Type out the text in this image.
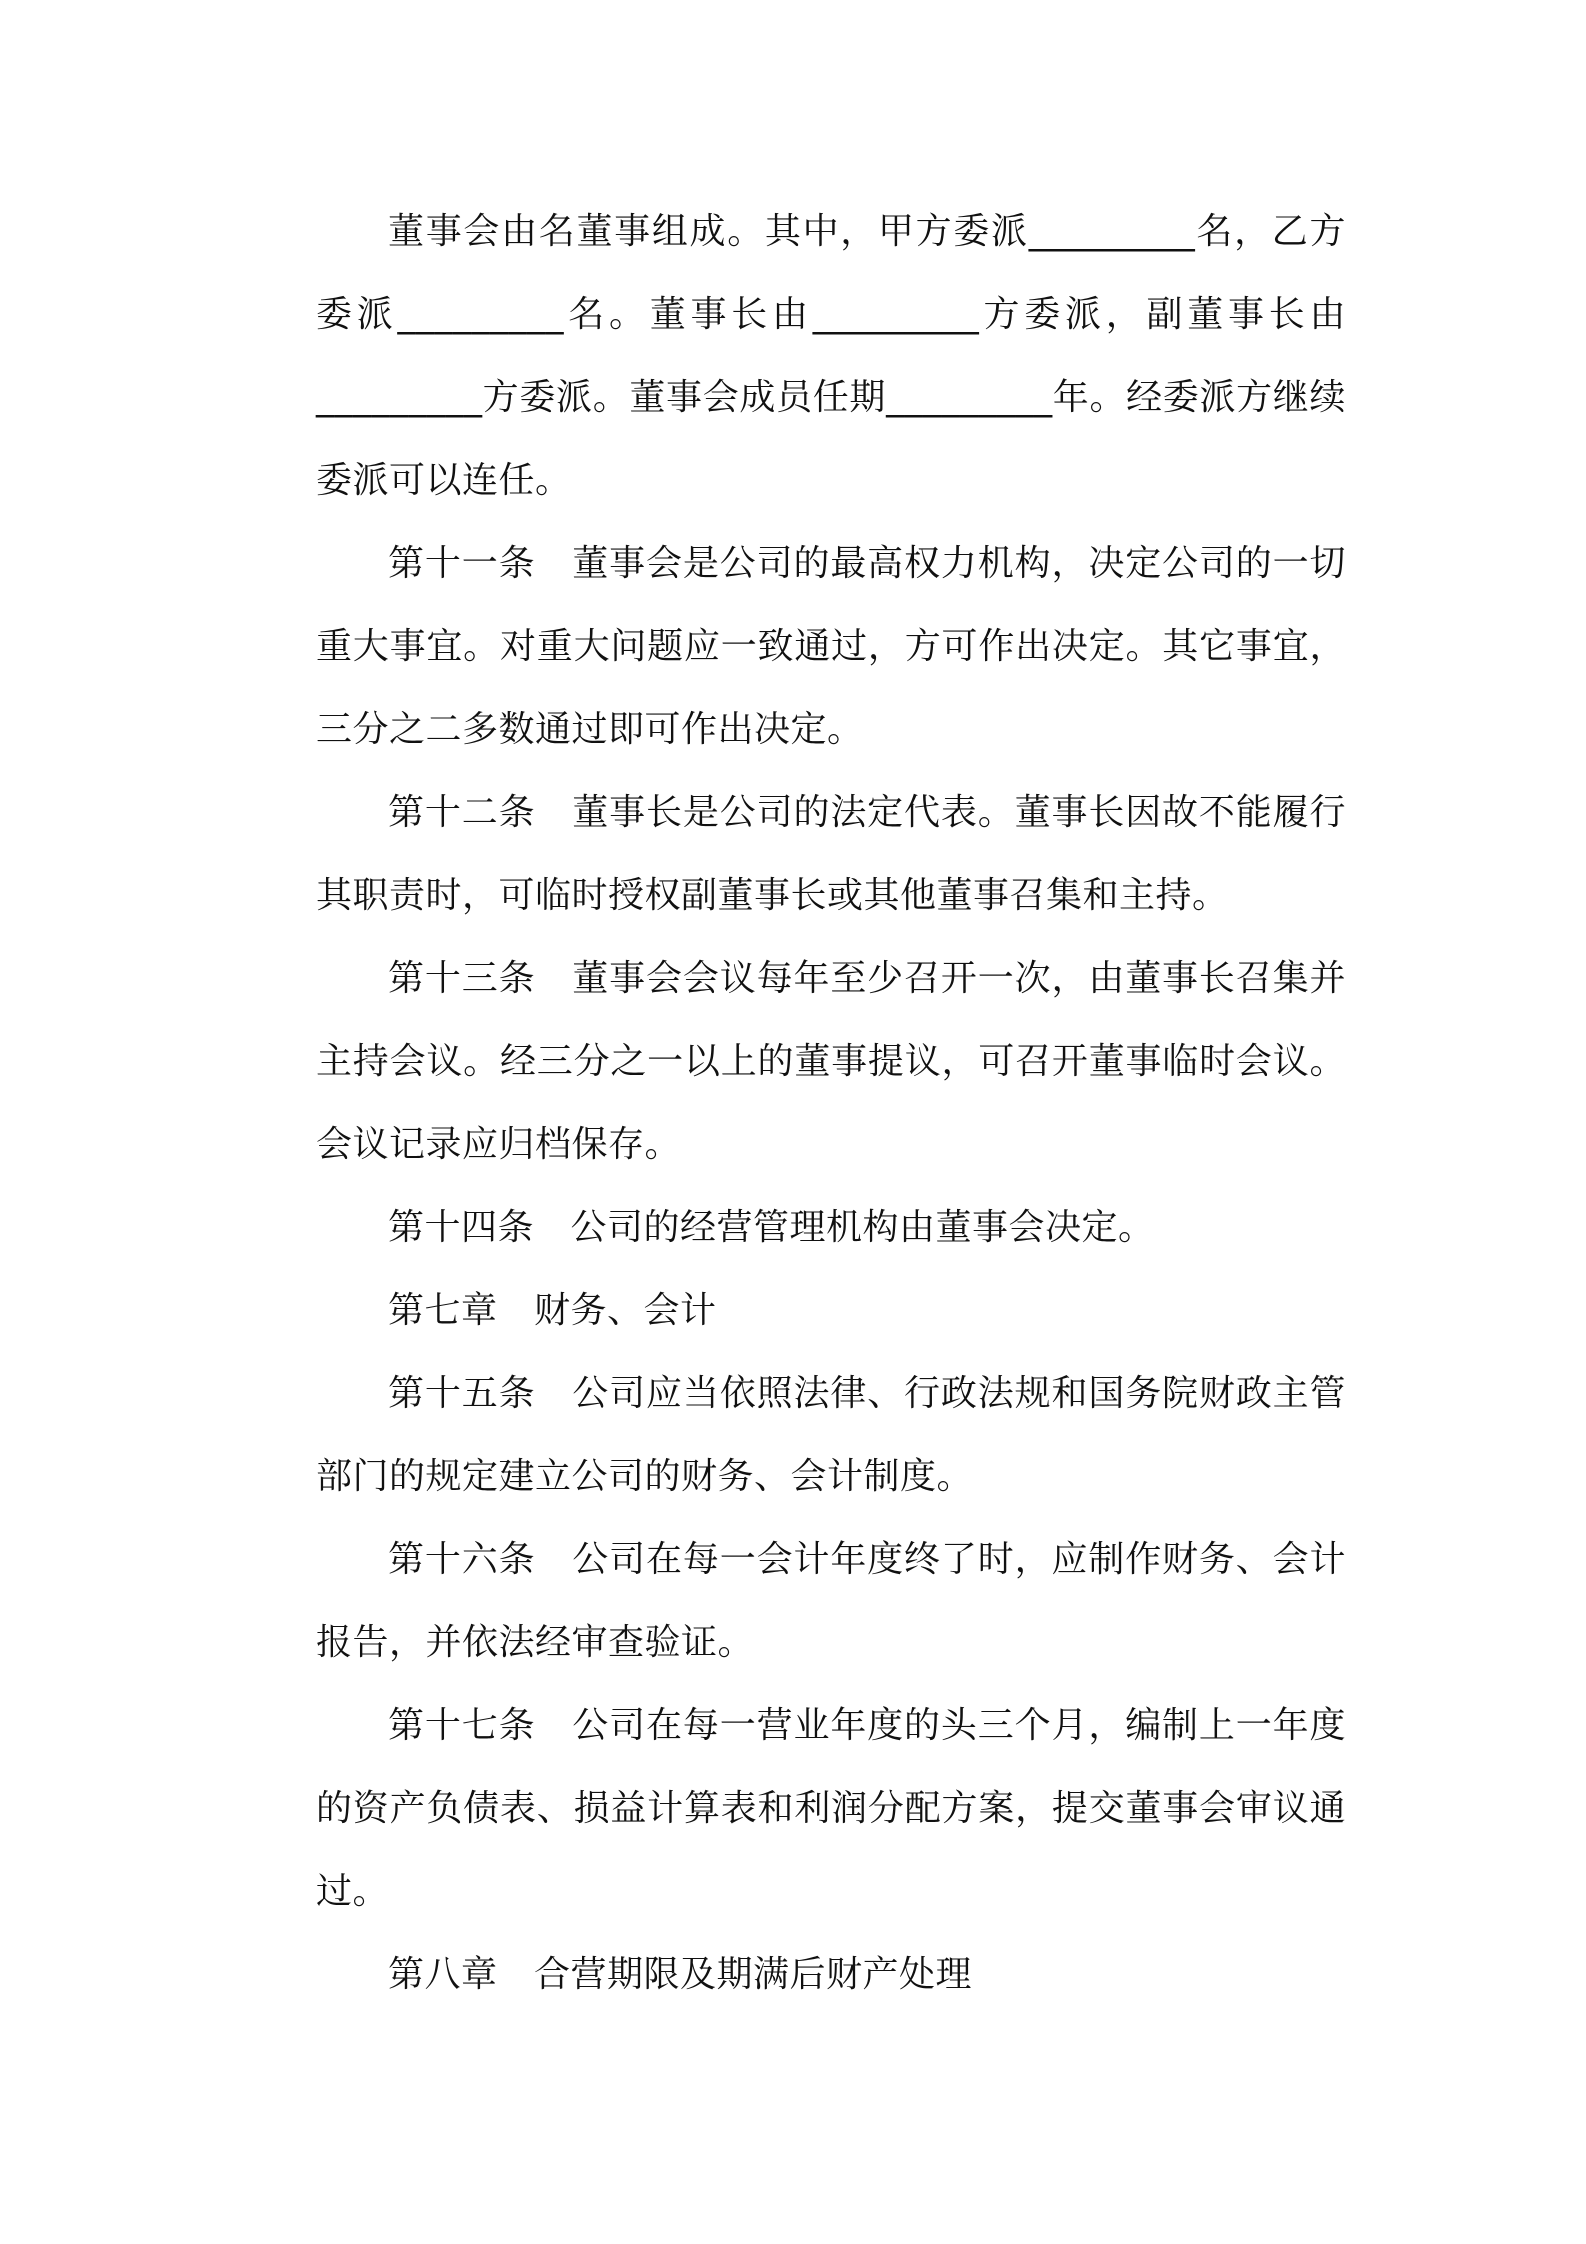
董事会由名董事组成。其中，甲方委派_________名，乙方委派_________名。董事长由_________方委派，副董事长由_________方委派。董事会成员任期_________年。经委派方继续委派可以连任。

第十一条　董事会是公司的最高权力机构，决定公司的一切重大事宜。对重大问题应一致通过，方可作出决定。其它事宜，三分之二多数通过即可作出决定。

第十二条　董事长是公司的法定代表。董事长因故不能履行其职责时，可临时授权副董事长或其他董事召集和主持。

第十三条　董事会会议每年至少召开一次，由董事长召集并主持会议。经三分之一以上的董事提议，可召开董事临时会议。会议记录应归档保存。

第十四条　公司的经营管理机构由董事会决定。

第七章　财务、会计

第十五条　公司应当依照法律、行政法规和国务院财政主管部门的规定建立公司的财务、会计制度。

第十六条　公司在每一会计年度终了时，应制作财务、会计报告，并依法经审查验证。

第十七条　公司在每一营业年度的头三个月，编制上一年度的资产负债表、损益计算表和利润分配方案，提交董事会审议通过。

第八章　合营期限及期满后财产处理
